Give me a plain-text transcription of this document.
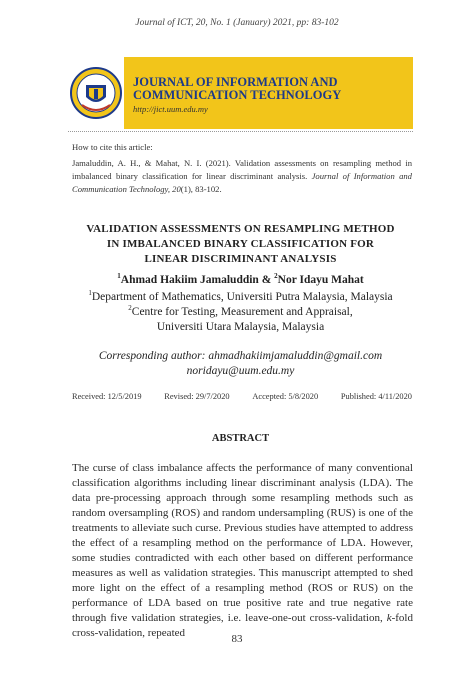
Journal of ICT, 20, No. 1 (January) 2021, pp: 83-102
JOURNAL OF INFORMATION AND
COMMUNICATION TECHNOLOGY
http://jict.uum.edu.my

How to cite this article:

Jamaluddin, A. H., & Mahat, N. I. (2021). Validation assessments on resampling method in imbalanced binary classification for linear discriminant analysis. Journal of Information and Communication Technology, 20(1), 83-102.

VALIDATION ASSESSMENTS ON RESAMPLING METHOD
IN IMBALANCED BINARY CLASSIFICATION FOR
LINEAR DISCRIMINANT ANALYSIS
$^1$Ahmad Hakiim Jamaluddin & $^2$Nor Idayu Mahat
$^1$Department of Mathematics, Universiti Putra Malaysia, Malaysia
$^2$Centre for Testing, Measurement and Appraisal,
Universiti Utara Malaysia, Malaysia
Corresponding author: ahmadhakiimjamaluddin@gmail.com
noridayu@uum.edu.my
Received: 12/5/2019	Revised: 29/7/2020	Accepted: 5/8/2020	Published: 4/11/2020
ABSTRACT

The curse of class imbalance affects the performance of many conventional classification algorithms including linear discriminant analysis (LDA). The data pre-processing approach through some resampling methods such as random oversampling (ROS) and random undersampling (RUS) is one of the treatments to alleviate such curse. Previous studies have attempted to address the effect of a resampling method on the performance of LDA. However, some studies contradicted with each other based on different performance measures as well as validation strategies. This manuscript attempted to shed more light on the effect of a resampling method (ROS or RUS) on the performance of LDA based on true positive rate and true negative rate through five validation strategies, i.e. leave-one-out cross-validation, k-fold cross-validation, repeated	83
